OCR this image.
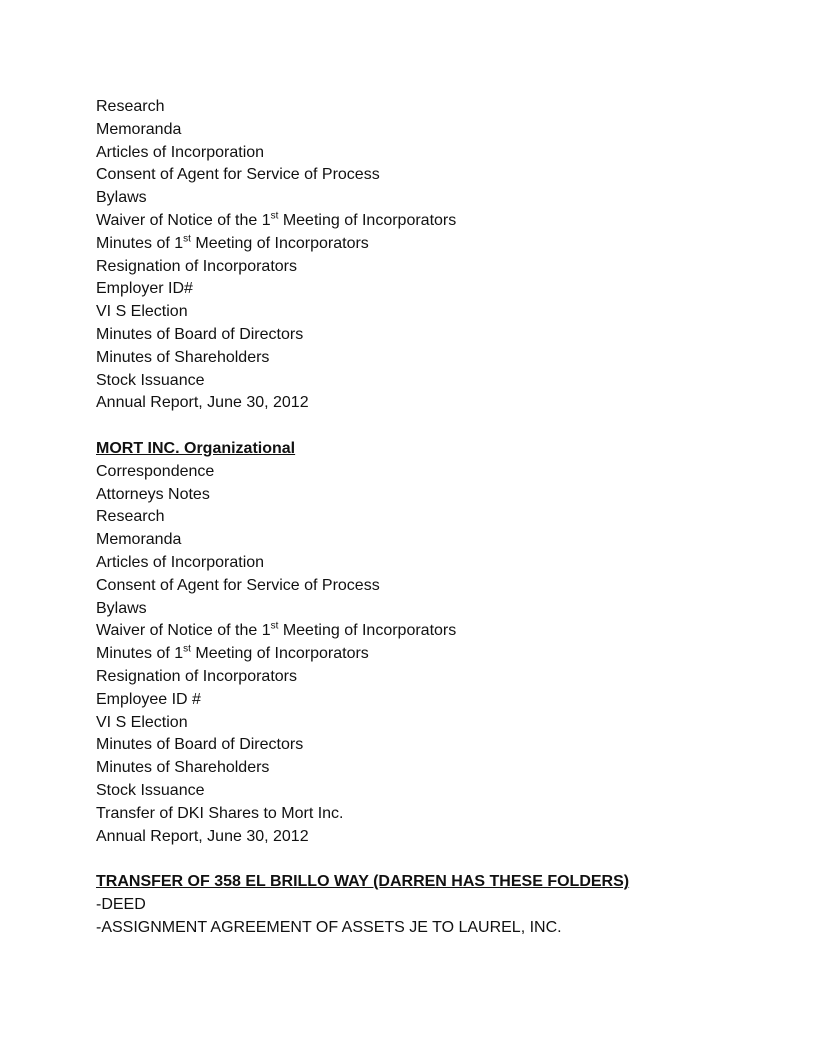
Research
Memoranda
Articles of Incorporation
Consent of Agent for Service of Process
Bylaws
Waiver of Notice of the 1st Meeting of Incorporators
Minutes of 1st Meeting of Incorporators
Resignation of Incorporators
Employer ID#
VI S Election
Minutes of Board of Directors
Minutes of Shareholders
Stock Issuance
Annual Report, June 30, 2012
MORT INC. Organizational
Correspondence
Attorneys Notes
Research
Memoranda
Articles of Incorporation
Consent of Agent for Service of Process
Bylaws
Waiver of Notice of the 1st Meeting of Incorporators
Minutes of 1st Meeting of Incorporators
Resignation of Incorporators
Employee ID #
VI S Election
Minutes of Board of Directors
Minutes of Shareholders
Stock Issuance
Transfer of DKI Shares to Mort Inc.
Annual Report, June 30, 2012
TRANSFER OF 358 EL BRILLO WAY (DARREN HAS THESE FOLDERS)
-DEED
-ASSIGNMENT AGREEMENT OF ASSETS JE TO LAUREL, INC.
